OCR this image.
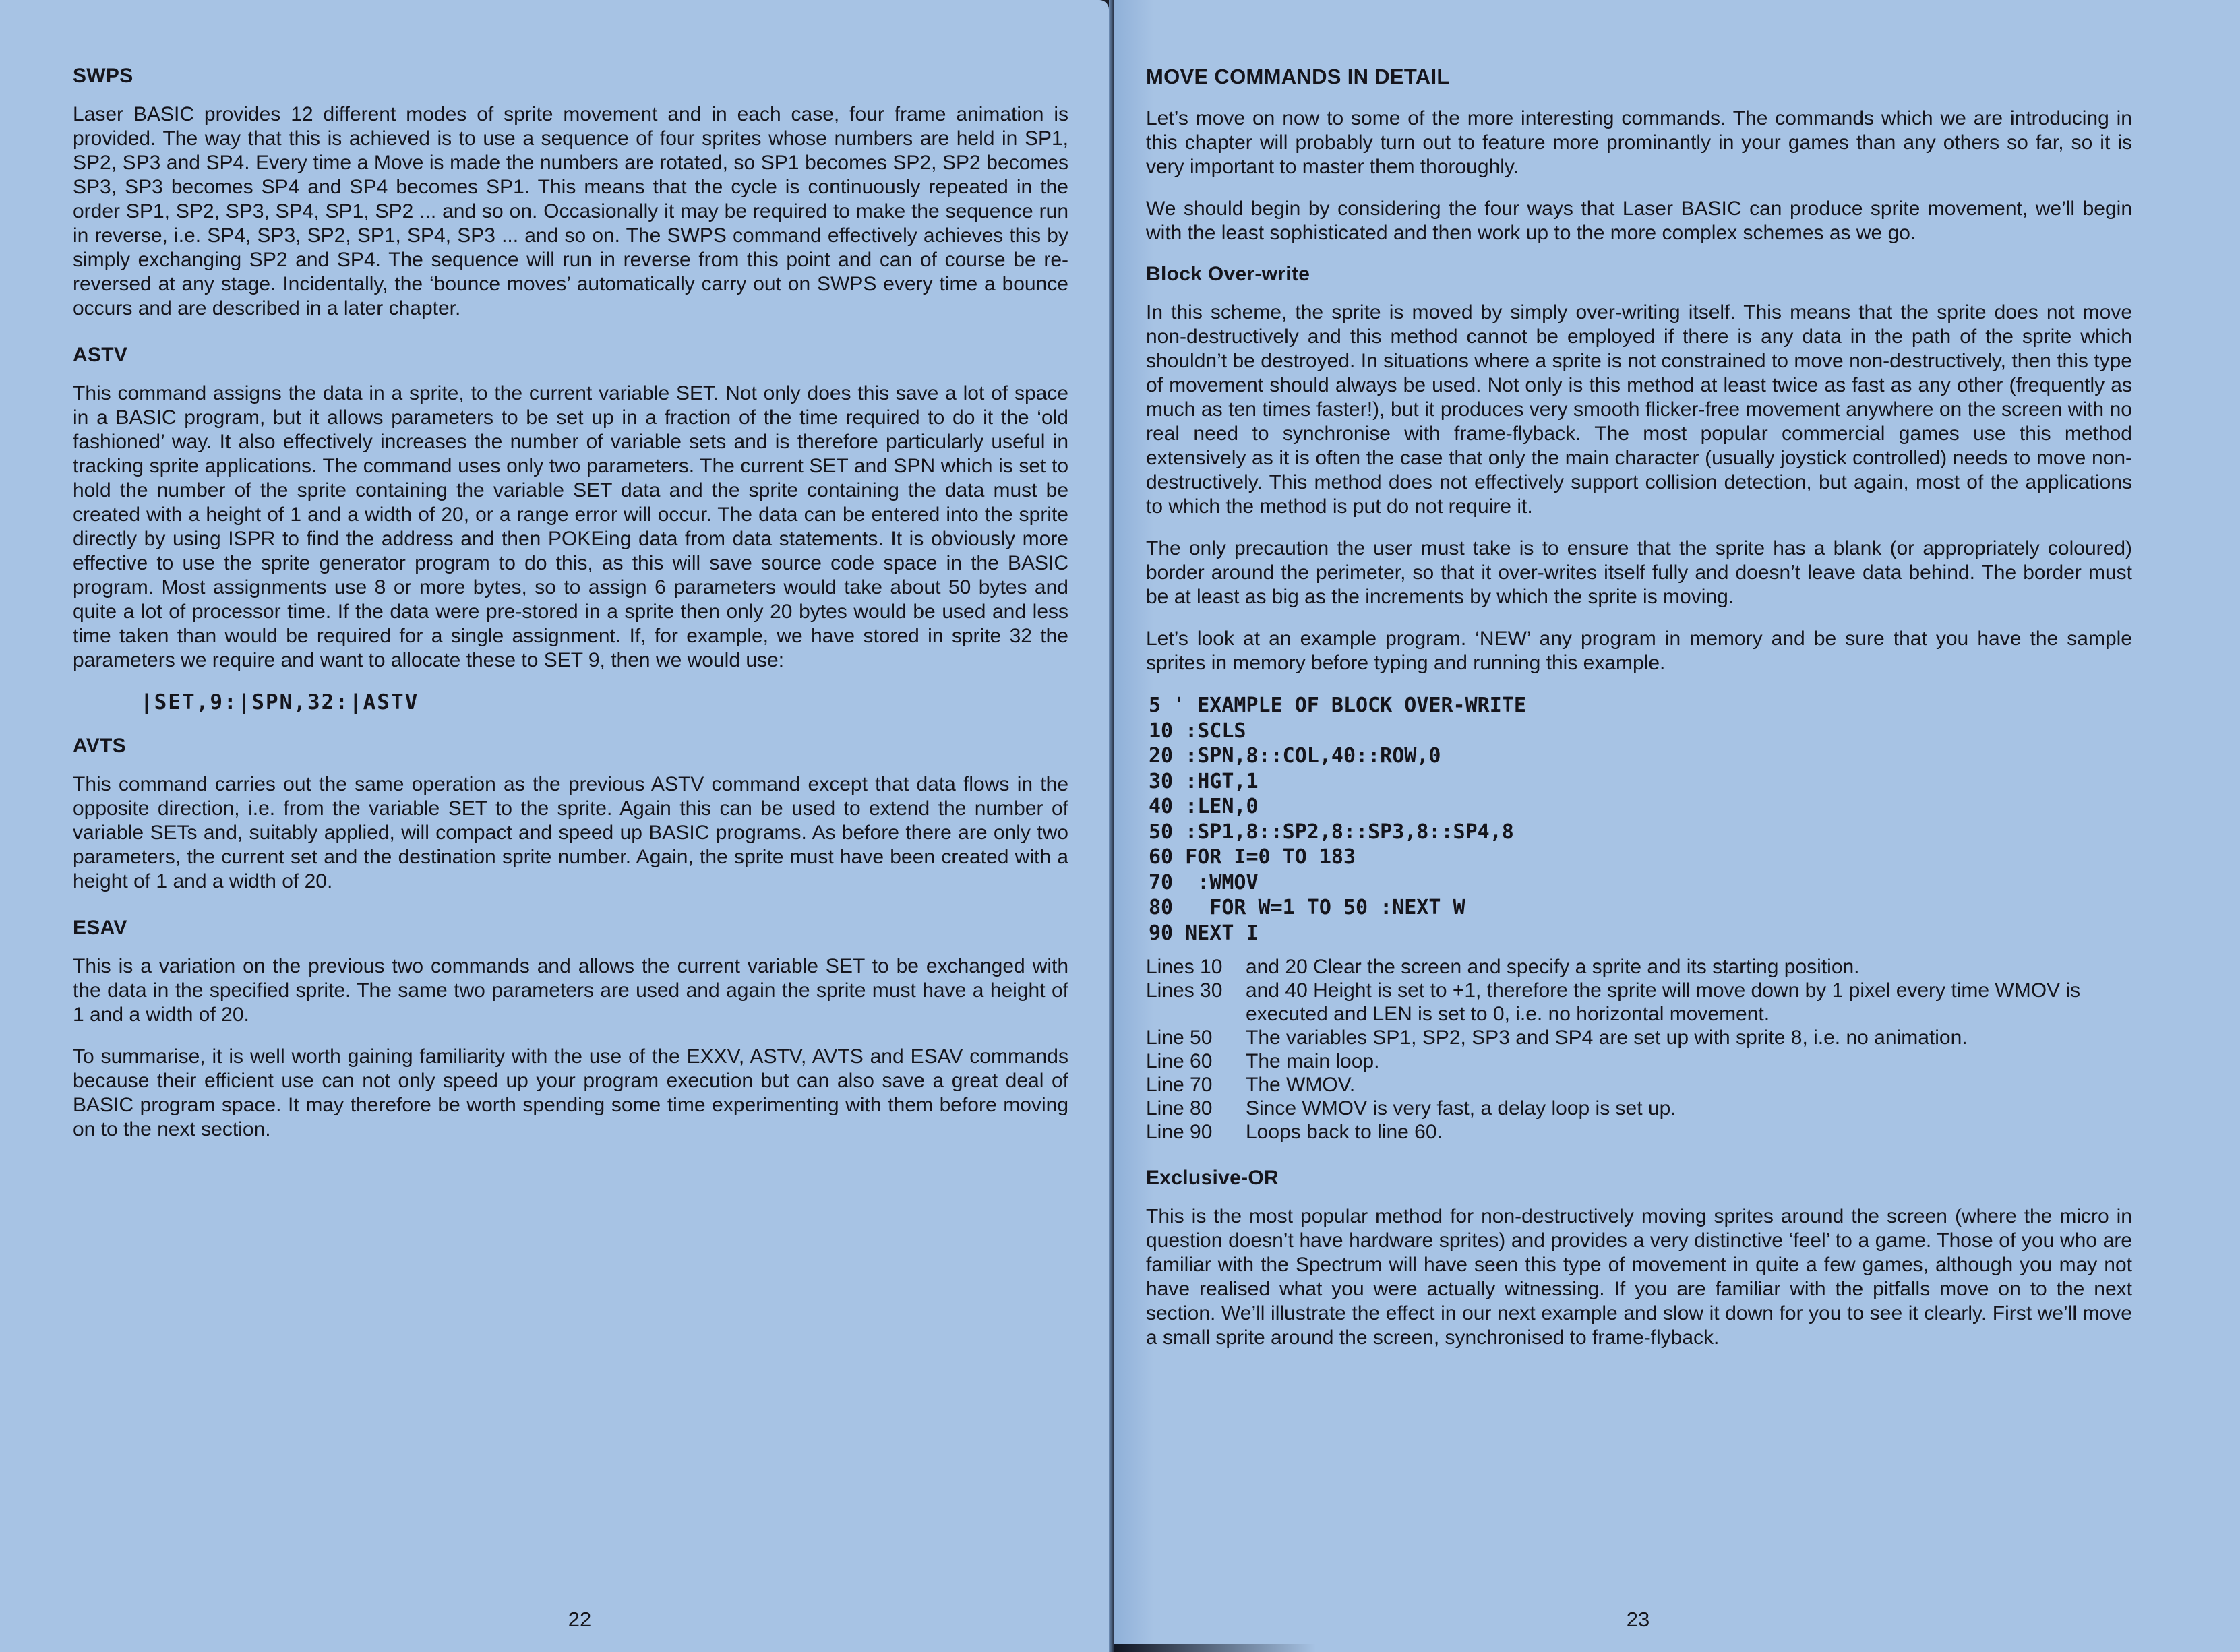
SWPS

Laser BASIC provides 12 different modes of sprite movement and in each case, four frame animation is provided. The way that this is achieved is to use a sequence of four sprites whose numbers are held in SP1, SP2, SP3 and SP4. Every time a Move is made the numbers are rotated, so SP1 becomes SP2, SP2 becomes SP3, SP3 becomes SP4 and SP4 becomes SP1. This means that the cycle is continuously repeated in the order SP1, SP2, SP3, SP4, SP1, SP2 ... and so on. Occasionally it may be required to make the sequence run in reverse, i.e. SP4, SP3, SP2, SP1, SP4, SP3 ... and so on. The SWPS command effectively achieves this by simply exchanging SP2 and SP4. The sequence will run in reverse from this point and can of course be re-reversed at any stage. Incidentally, the ‘bounce moves’ automatically carry out on SWPS every time a bounce occurs and are described in a later chapter.

ASTV

This command assigns the data in a sprite, to the current variable SET. Not only does this save a lot of space in a BASIC program, but it allows parameters to be set up in a fraction of the time required to do it the ‘old fashioned’ way. It also effectively increases the number of variable sets and is therefore particularly useful in tracking sprite applications. The command uses only two parameters. The current SET and SPN which is set to hold the number of the sprite containing the variable SET data and the sprite containing the data must be created with a height of 1 and a width of 20, or a range error will occur. The data can be entered into the sprite directly by using ISPR to find the address and then POKEing data from data statements. It is obviously more effective to use the sprite generator program to do this, as this will save source code space in the BASIC program. Most assignments use 8 or more bytes, so to assign 6 parameters would take about 50 bytes and quite a lot of processor time. If the data were pre-stored in a sprite then only 20 bytes would be used and less time taken than would be required for a single assignment. If, for example, we have stored in sprite 32 the parameters we require and want to allocate these to SET 9, then we would use:

|SET,9:|SPN,32:|ASTV
AVTS

This command carries out the same operation as the previous ASTV command except that data flows in the opposite direction, i.e. from the variable SET to the sprite. Again this can be used to extend the number of variable SETs and, suitably applied, will compact and speed up BASIC programs. As before there are only two parameters, the current set and the destination sprite number. Again, the sprite must have been created with a height of 1 and a width of 20.

ESAV

This is a variation on the previous two commands and allows the current variable SET to be exchanged with the data in the specified sprite. The same two parameters are used and again the sprite must have a height of 1 and a width of 20.

To summarise, it is well worth gaining familiarity with the use of the EXXV, ASTV, AVTS and ESAV commands because their efficient use can not only speed up your program execution but can also save a great deal of BASIC program space. It may therefore be worth spending some time experimenting with them before moving on to the next section.

22
MOVE COMMANDS IN DETAIL

Let’s move on now to some of the more interesting commands. The commands which we are introducing in this chapter will probably turn out to feature more prominantly in your games than any others so far, so it is very important to master them thoroughly.

We should begin by considering the four ways that Laser BASIC can produce sprite movement, we’ll begin with the least sophisticated and then work up to the more complex schemes as we go.

Block Over-write

In this scheme, the sprite is moved by simply over-writing itself. This means that the sprite does not move non-destructively and this method cannot be employed if there is any data in the path of the sprite which shouldn’t be destroyed. In situations where a sprite is not constrained to move non-destructively, then this type of movement should always be used. Not only is this method at least twice as fast as any other (frequently as much as ten times faster!), but it produces very smooth flicker-free movement anywhere on the screen with no real need to synchronise with frame-flyback. The most popular commercial games use this method extensively as it is often the case that only the main character (usually joystick controlled) needs to move non-destructively. This method does not effectively support collision detection, but again, most of the applications to which the method is put do not require it.

The only precaution the user must take is to ensure that the sprite has a blank (or appropriately coloured) border around the perimeter, so that it over-writes itself fully and doesn’t leave data behind. The border must be at least as big as the increments by which the sprite is moving.

Let’s look at an example program. ‘NEW’ any program in memory and be sure that you have the sample sprites in memory before typing and running this example.

5 ' EXAMPLE OF BLOCK OVER-WRITE
10 :SCLS
20 :SPN,8::COL,40::ROW,0
30 :HGT,1
40 :LEN,0
50 :SP1,8::SP2,8::SP3,8::SP4,8
60 FOR I=0 TO 183
70  :WMOV
80   FOR W=1 TO 50 :NEXT W
90 NEXT I
Lines 10	and 20 Clear the screen and specify a sprite and its starting position.
Lines 30	and 40 Height is set to +1, therefore the sprite will move down by 1 pixel every time WMOV is executed and LEN is set to 0, i.e. no horizontal movement.
Line 50	The variables SP1, SP2, SP3 and SP4 are set up with sprite 8, i.e. no animation.
Line 60	The main loop.
Line 70	The WMOV.
Line 80	Since WMOV is very fast, a delay loop is set up.
Line 90	Loops back to line 60.
Exclusive-OR

This is the most popular method for non-destructively moving sprites around the screen (where the micro in question doesn’t have hardware sprites) and provides a very distinctive ‘feel’ to a game. Those of you who are familiar with the Spectrum will have seen this type of movement in quite a few games, although you may not have realised what you were actually witnessing. If you are familiar with the pitfalls move on to the next section. We’ll illustrate the effect in our next example and slow it down for you to see it clearly. First we’ll move a small sprite around the screen, synchronised to frame-flyback.

23
